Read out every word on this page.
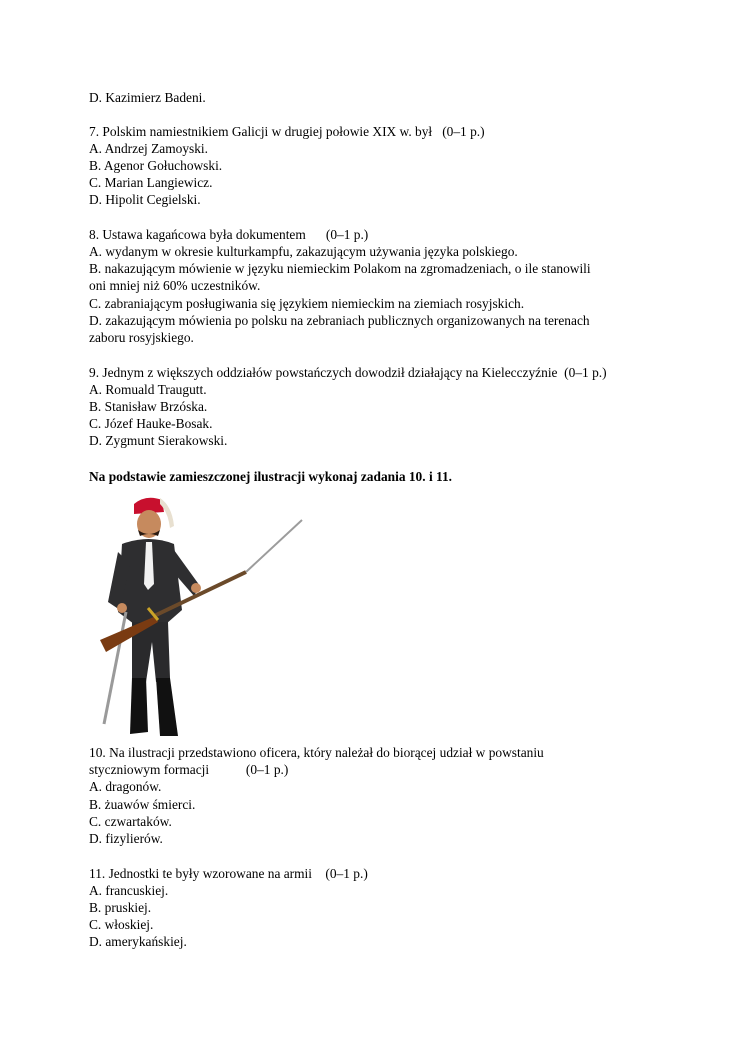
D. Kazimierz Badeni.
7. Polskim namiestnikiem Galicji w drugiej połowie XIX w. był   (0–1 p.)
A. Andrzej Zamoyski.
B. Agenor Gołuchowski.
C. Marian Langiewicz.
D. Hipolit Cegielski.
8. Ustawa kagańcowa była dokumentem      (0–1 p.)
A. wydanym w okresie kulturkampfu, zakazującym używania języka polskiego.
B. nakazującym mówienie w języku niemieckim Polakom na zgromadzeniach, o ile stanowili
oni mniej niż 60% uczestników.
C. zabraniającym posługiwania się językiem niemieckim na ziemiach rosyjskich.
D. zakazującym mówienia po polsku na zebraniach publicznych organizowanych na terenach
zaboru rosyjskiego.
9. Jednym z większych oddziałów powstańczych dowodził działający na Kielecczyźnie  (0–1 p.)
A. Romuald Traugutt.
B. Stanisław Brzóska.
C. Józef Hauke-Bosak.
D. Zygmunt Sierakowski.
Na podstawie zamieszczonej ilustracji wykonaj zadania 10. i 11.
10. Na ilustracji przedstawiono oficera, który należał do biorącej udział w powstaniu
styczniowym formacji           (0–1 p.)
A. dragonów.
B. żuawów śmierci.
C. czwartaków.
D. fizylierów.
11. Jednostki te były wzorowane na armii    (0–1 p.)
A. francuskiej.
B. pruskiej.
C. włoskiej.
D. amerykańskiej.
